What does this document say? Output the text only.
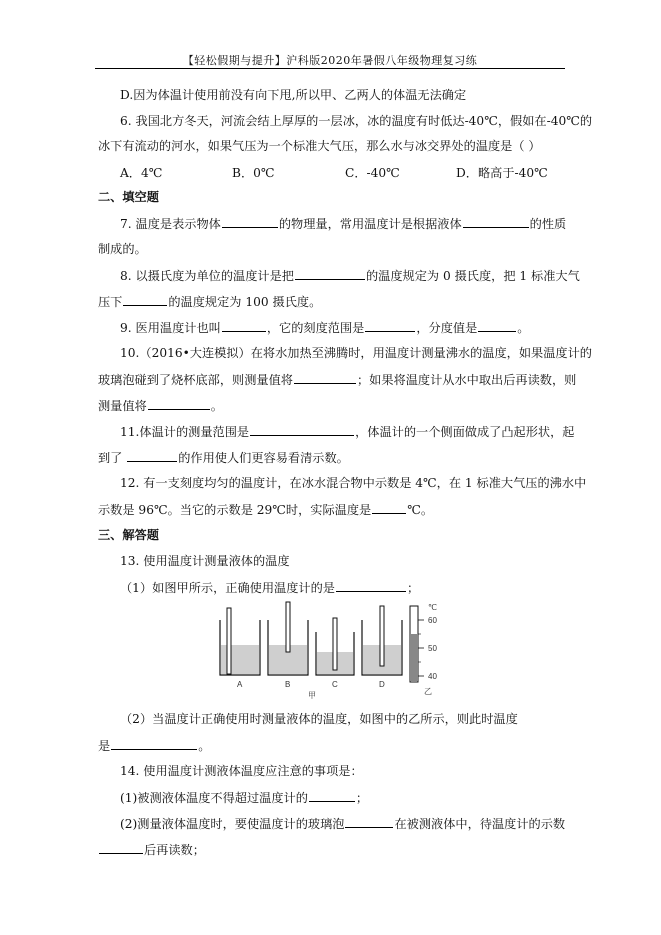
【轻松假期与提升】沪科版2020年暑假八年级物理复习练
D.因为体温计使用前没有向下甩,所以甲、乙两人的体温无法确定
6. 我国北方冬天，河流会结上厚厚的一层冰，冰的温度有时低达-40℃，假如在-40℃的
冰下有流动的河水，如果气压为一个标准大气压，那么水与冰交界处的温度是（ ）
A．4℃	B．0℃	C．-40℃	D．略高于-40℃
二、填空题
7. 温度是表示物体	的物理量，常用温度计是根据液体	的性质
制成的。
8. 以摄氏度为单位的温度计是把	的温度规定为 0 摄氏度，把 1 标准大气
压下	的温度规定为 100 摄氏度。
9. 医用温度计也叫	，它的刻度范围是	，分度值是	。
10.（2016•大连模拟）在将水加热至沸腾时，用温度计测量沸水的温度，如果温度计的
玻璃泡碰到了烧杯底部，则测量值将	；如果将温度计从水中取出后再读数，则
测量值将	。
11.体温计的测量范围是	，体温计的一个侧面做成了凸起形状，起
到了	的作用使人们更容易看清示数。
12. 有一支刻度均匀的温度计，在冰水混合物中示数是 4℃，在 1 标准大气压的沸水中
示数是 96℃。当它的示数是 29℃时，实际温度是	℃。
三、解答题
13. 使用温度计测量液体的温度
（1）如图甲所示，正确使用温度计的是	；
℃
60
50
40
A	B	C	D
甲	乙
（2）当温度计正确使用时测量液体的温度，如图中的乙所示，则此时温度
是	。
14. 使用温度计测液体温度应注意的事项是：
(1)被测液体温度不得超过温度计的	；
(2)测量液体温度时，要使温度计的玻璃泡	在被测液体中，待温度计的示数
后再读数；
